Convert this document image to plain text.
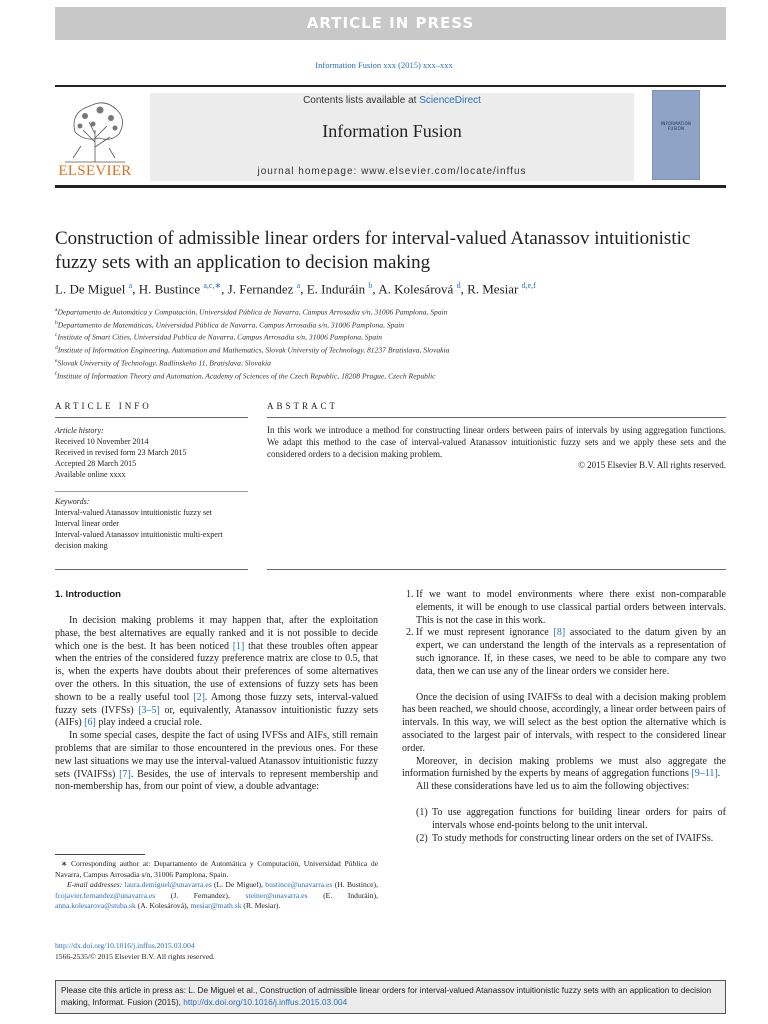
ARTICLE IN PRESS
Information Fusion xxx (2015) xxx–xxx
ELSEVIER
Contents lists available at ScienceDirect
Information Fusion
journal homepage: www.elsevier.com/locate/inffus
INFORMATION FUSION
Construction of admissible linear orders for interval-valued Atanassov intuitionistic fuzzy sets with an application to decision making
L. De Miguel $^a$, H. Bustince $^{a,c,∗}$, J. Fernandez $^a$, E. Induráin $^b$, A. Kolesárová $^d$, R. Mesiar $^{d,e,f}$
$^a$Departamento de Automática y Computación, Universidad Pública de Navarra, Campus Arrosadia s/n, 31006 Pamplona, Spain
$^b$Departamento de Matemáticas, Universidad Pública de Navarra, Campus Arrosadia s/n, 31006 Pamplona, Spain
$^c$Institute of Smart Cities, Universidad Publica de Navarra, Campus Arrosadia s/n, 31006 Pamplona, Spain
$^d$Institute of Information Engineering, Automation and Mathematics, Slovak University of Technology, 81237 Bratislava, Slovakia
$^e$Slovak University of Technology, Radlinskeho 11, Bratislava, Slovakia
$^f$Institute of Information Theory and Automation, Academy of Sciences of the Czech Republic, 18208 Prague, Czech Republic
ARTICLE INFO	ABSTRACT
Article history:
Received 10 November 2014
Received in revised form 23 March 2015
Accepted 28 March 2015
Available online xxxx
Keywords:
Interval-valued Atanassov intuitionistic fuzzy set
Interval linear order
Interval-valued Atanassov intuitionistic multi-expert decision making
In this work we introduce a method for constructing linear orders between pairs of intervals by using aggregation functions. We adapt this method to the case of interval-valued Atanassov intuitionistic fuzzy sets and we apply these sets and the considered orders to a decision making problem.
© 2015 Elsevier B.V. All rights reserved.
1. Introduction

In decision making problems it may happen that, after the exploitation phase, the best alternatives are equally ranked and it is not possible to decide which one is the best. It has been noticed [1] that these troubles often appear when the entries of the considered fuzzy preference matrix are close to 0.5, that is, when the experts have doubts about their preferences of some alternatives over the others. In this situation, the use of extensions of fuzzy sets has been shown to be a really useful tool [2]. Among those fuzzy sets, interval-valued fuzzy sets (IVFSs) [3–5] or, equivalently, Atanassov intuitionistic fuzzy sets (AIFs) [6] play indeed a crucial role.

In some special cases, despite the fact of using IVFSs and AIFs, still remain problems that are similar to those encountered in the previous ones. For these new last situations we may use the interval-valued Atanassov intuitionistic fuzzy sets (IVAIFSs) [7]. Besides, the use of intervals to represent membership and non-membership has, from our point of view, a double advantage:

∗ Corresponding author at: Departamento de Automática y Computación, Universidad Pública de Navarra, Campus Arrosadia s/n, 31006 Pamplona, Spain.
E-mail addresses: laura.demiguel@unavarra.es (L. De Miguel), bustince@unavarra.es (H. Bustince), fcojavier.fernandez@unavarra.es (J. Fernandez), steiner@unavarra.es (E. Induráin), anna.kolesarova@stuba.sk (A. Kolesárová), mesiar@math.sk (R. Mesiar).
http://dx.doi.org/10.1016/j.inffus.2015.03.004
1566-2535/© 2015 Elsevier B.V. All rights reserved.
1. If we want to model environments where there exist non-comparable elements, it will be enough to use classical partial orders between intervals. This is not the case in this work.
2. If we must represent ignorance [8] associated to the datum given by an expert, we can understand the length of the intervals as a representation of such ignorance. If, in these cases, we need to be able to compare any two data, then we can use any of the linear orders we consider here.

Once the decision of using IVAIFSs to deal with a decision making problem has been reached, we should choose, accordingly, a linear order between pairs of intervals. In this way, we will select as the best option the alternative which is associated to the largest pair of intervals, with respect to the considered linear order.

Moreover, in decision making problems we must also aggregate the information furnished by the experts by means of aggregation functions [9–11].

All these considerations have led us to aim the following objectives:

(1) To use aggregation functions for building linear orders for pairs of intervals whose end-points belong to the unit interval.
(2) To study methods for constructing linear orders on the set of IVAIFSs.
Please cite this article in press as: L. De Miguel et al., Construction of admissible linear orders for interval-valued Atanassov intuitionistic fuzzy sets with an application to decision making, Informat. Fusion (2015), http://dx.doi.org/10.1016/j.inffus.2015.03.004
